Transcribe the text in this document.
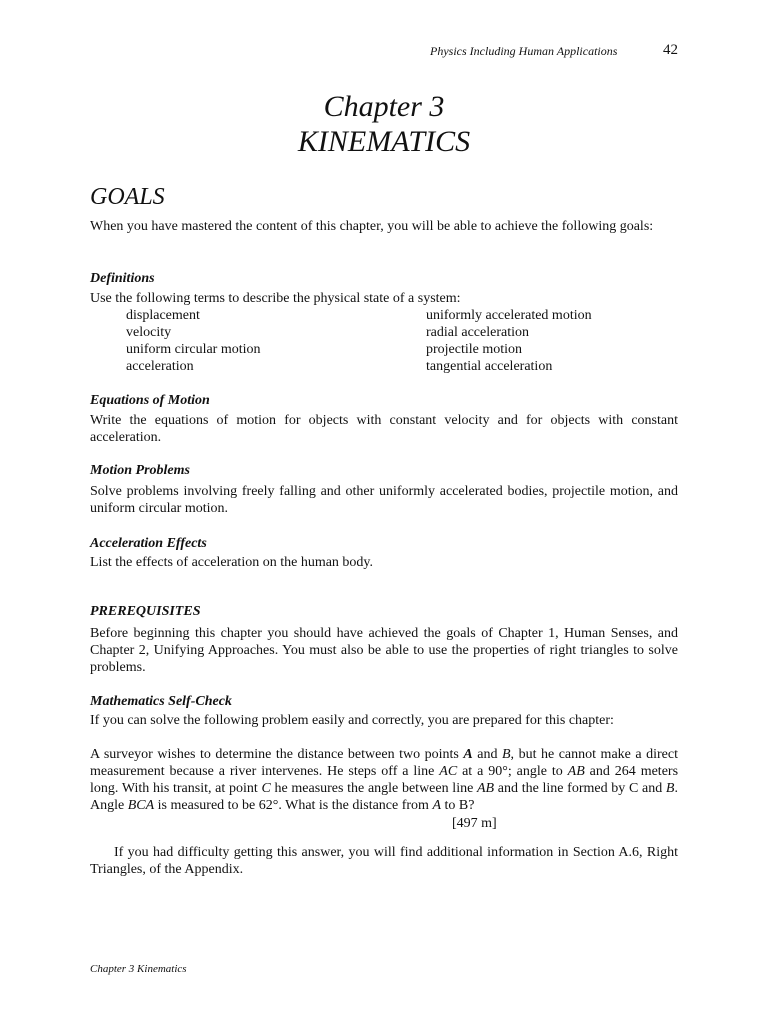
Physics Including Human Applications	42
Chapter 3
KINEMATICS
GOALS

When you have mastered the content of this chapter, you will be able to achieve the following goals:

Definitions

Use the following terms to describe the physical state of a system:

displacement
velocity
uniform circular motion
acceleration
uniformly accelerated motion
radial acceleration
projectile motion
tangential acceleration
Equations of Motion

Write the equations of motion for objects with constant velocity and for objects with constant acceleration.

Motion Problems

Solve problems involving freely falling and other uniformly accelerated bodies, projectile motion, and uniform circular motion.

Acceleration Effects

List the effects of acceleration on the human body.

PREREQUISITES

Before beginning this chapter you should have achieved the goals of Chapter 1, Human Senses, and Chapter 2, Unifying Approaches. You must also be able to use the properties of right triangles to solve problems.

Mathematics Self-Check

If you can solve the following problem easily and correctly, you are prepared for this chapter:

A surveyor wishes to determine the distance between two points A and B, but he cannot make a direct measurement because a river intervenes. He steps off a line AC at a 90°; angle to AB and 264 meters long. With his transit, at point C he measures the angle between line AB and the line formed by C and B. Angle BCA is measured to be 62°. What is the distance from A to B?

[497 m]

If you had difficulty getting this answer, you will find additional information in Section A.6, Right Triangles, of the Appendix.

Chapter 3 Kinematics
